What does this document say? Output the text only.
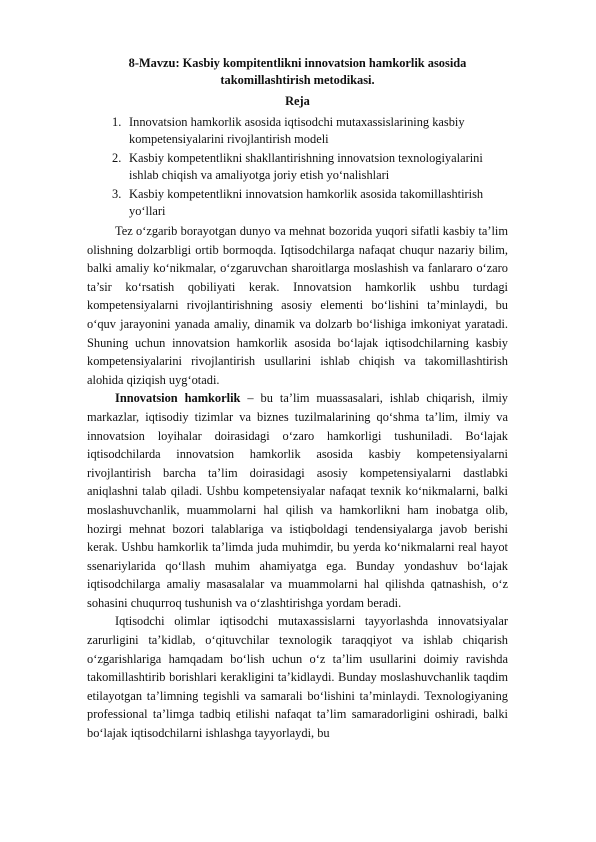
8-Mavzu: Kasbiy kompitentlikni innovatsion hamkorlik asosida takomillashtirish metodikasi.

Reja

1. Innovatsion hamkorlik asosida iqtisodchi mutaxassislarining kasbiy kompetensiyalarini rivojlantirish modeli
2. Kasbiy kompetentlikni shakllantirishning innovatsion texnologiyalarini ishlab chiqish va amaliyotga joriy etish yo‘nalishlari
3. Kasbiy kompetentlikni innovatsion hamkorlik asosida takomillashtirish yo‘llari

Tez o‘zgarib borayotgan dunyo va mehnat bozorida yuqori sifatli kasbiy ta’lim olishning dolzarbligi ortib bormoqda. Iqtisodchilarga nafaqat chuqur nazariy bilim, balki amaliy ko‘nikmalar, o‘zgaruvchan sharoitlarga moslashish va fanlararo o‘zaro ta’sir ko‘rsatish qobiliyati kerak. Innovatsion hamkorlik ushbu turdagi kompetensiyalarni rivojlantirishning asosiy elementi bo‘lishini ta’minlaydi, bu o‘quv jarayonini yanada amaliy, dinamik va dolzarb bo‘lishiga imkoniyat yaratadi. Shuning uchun innovatsion hamkorlik asosida bo‘lajak iqtisodchilarning kasbiy kompetensiyalarini rivojlantirish usullarini ishlab chiqish va takomillashtirish alohida qiziqish uyg‘otadi.

Innovatsion hamkorlik – bu ta’lim muassasalari, ishlab chiqarish, ilmiy markazlar, iqtisodiy tizimlar va biznes tuzilmalarining qo‘shma ta’lim, ilmiy va innovatsion loyihalar doirasidagi o‘zaro hamkorligi tushuniladi. Bo‘lajak iqtisodchilarda innovatsion hamkorlik asosida kasbiy kompetensiyalarni rivojlantirish barcha ta’lim doirasidagi asosiy kompetensiyalarni dastlabki aniqlashni talab qiladi. Ushbu kompetensiyalar nafaqat texnik ko‘nikmalarni, balki moslashuvchanlik, muammolarni hal qilish va hamkorlikni ham inobatga olib, hozirgi mehnat bozori talablariga va istiqboldagi tendensiyalarga javob berishi kerak. Ushbu hamkorlik ta’limda juda muhimdir, bu yerda ko‘nikmalarni real hayot ssenariylarida qo‘llash muhim ahamiyatga ega. Bunday yondashuv bo‘lajak iqtisodchilarga amaliy masasalalar va muammolarni hal qilishda qatnashish, o‘z sohasini chuqurroq tushunish va o‘zlashtirishga yordam beradi.

Iqtisodchi olimlar iqtisodchi mutaxassislarni tayyorlashda innovatsiyalar zarurligini ta’kidlab, o‘qituvchilar texnologik taraqqiyot va ishlab chiqarish o‘zgarishlariga hamqadam bo‘lish uchun o‘z ta’lim usullarini doimiy ravishda takomillashtirib borishlari kerakligini ta’kidlaydi. Bunday moslashuvchanlik taqdim etilayotgan ta’limning tegishli va samarali bo‘lishini ta’minlaydi. Texnologiyaning professional ta’limga tadbiq etilishi nafaqat ta’lim samaradorligini oshiradi, balki bo‘lajak iqtisodchilarni ishlashga tayyorlaydi, bu
